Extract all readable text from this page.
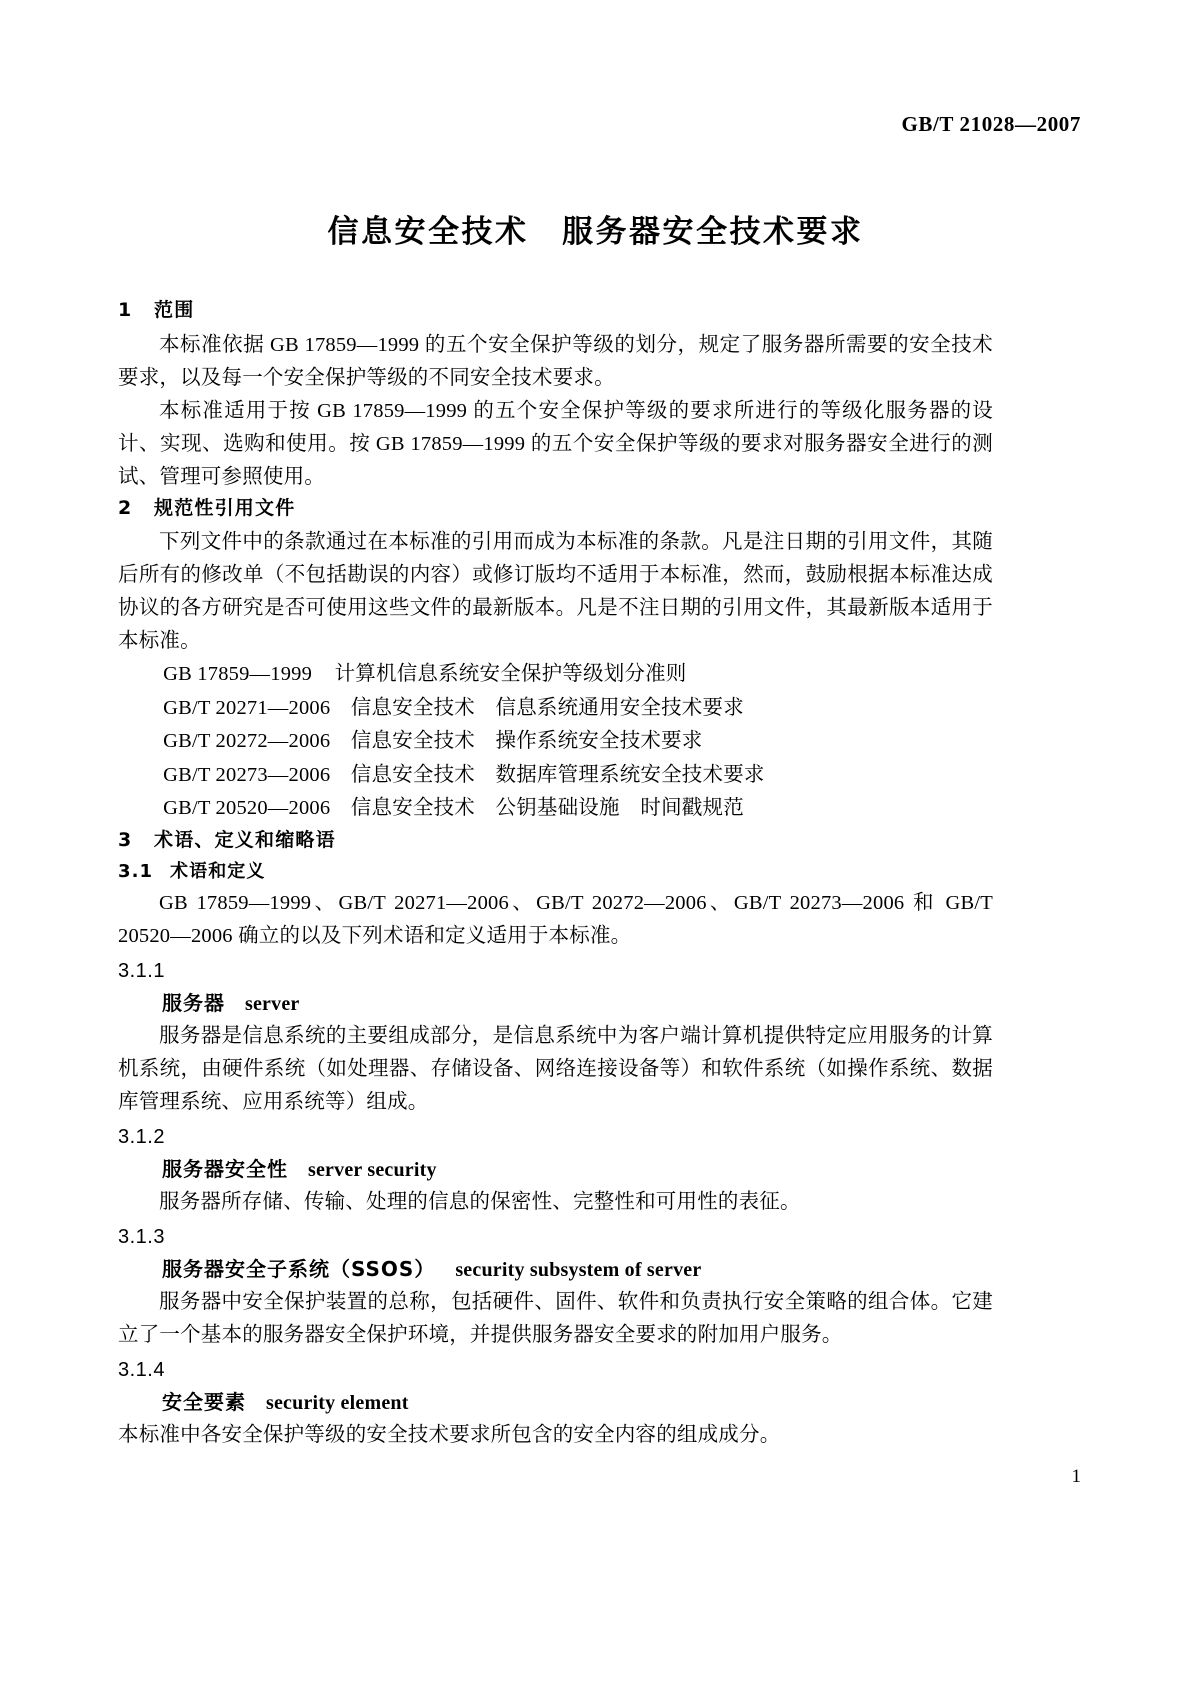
GB/T 21028—2007
信息安全技术　服务器安全技术要求
1 范围

本标准依据 GB 17859—1999 的五个安全保护等级的划分，规定了服务器所需要的安全技术要求，以及每一个安全保护等级的不同安全技术要求。

本标准适用于按 GB 17859—1999 的五个安全保护等级的要求所进行的等级化服务器的设计、实现、选购和使用。按 GB 17859—1999 的五个安全保护等级的要求对服务器安全进行的测试、管理可参照使用。

2 规范性引用文件

下列文件中的条款通过在本标准的引用而成为本标准的条款。凡是注日期的引用文件，其随后所有的修改单（不包括勘误的内容）或修订版均不适用于本标准，然而，鼓励根据本标准达成协议的各方研究是否可使用这些文件的最新版本。凡是不注日期的引用文件，其最新版本适用于本标准。

GB 17859—1999 计算机信息系统安全保护等级划分准则

GB/T 20271—2006 信息安全技术 信息系统通用安全技术要求

GB/T 20272—2006 信息安全技术 操作系统安全技术要求

GB/T 20273—2006 信息安全技术 数据库管理系统安全技术要求

GB/T 20520—2006 信息安全技术 公钥基础设施　时间戳规范

3 术语、定义和缩略语
3.1 术语和定义

GB 17859—1999、GB/T 20271—2006、GB/T 20272—2006、GB/T 20273—2006 和 GB/T 20520—2006 确立的以及下列术语和定义适用于本标准。

3.1.1

服务器 server

服务器是信息系统的主要组成部分，是信息系统中为客户端计算机提供特定应用服务的计算机系统，由硬件系统（如处理器、存储设备、网络连接设备等）和软件系统（如操作系统、数据库管理系统、应用系统等）组成。

3.1.2

服务器安全性 server security

服务器所存储、传输、处理的信息的保密性、完整性和可用性的表征。

3.1.3

服务器安全子系统（SSOS） security subsystem of server

服务器中安全保护装置的总称，包括硬件、固件、软件和负责执行安全策略的组合体。它建立了一个基本的服务器安全保护环境，并提供服务器安全要求的附加用户服务。

3.1.4

安全要素 security element

本标准中各安全保护等级的安全技术要求所包含的安全内容的组成成分。

1
